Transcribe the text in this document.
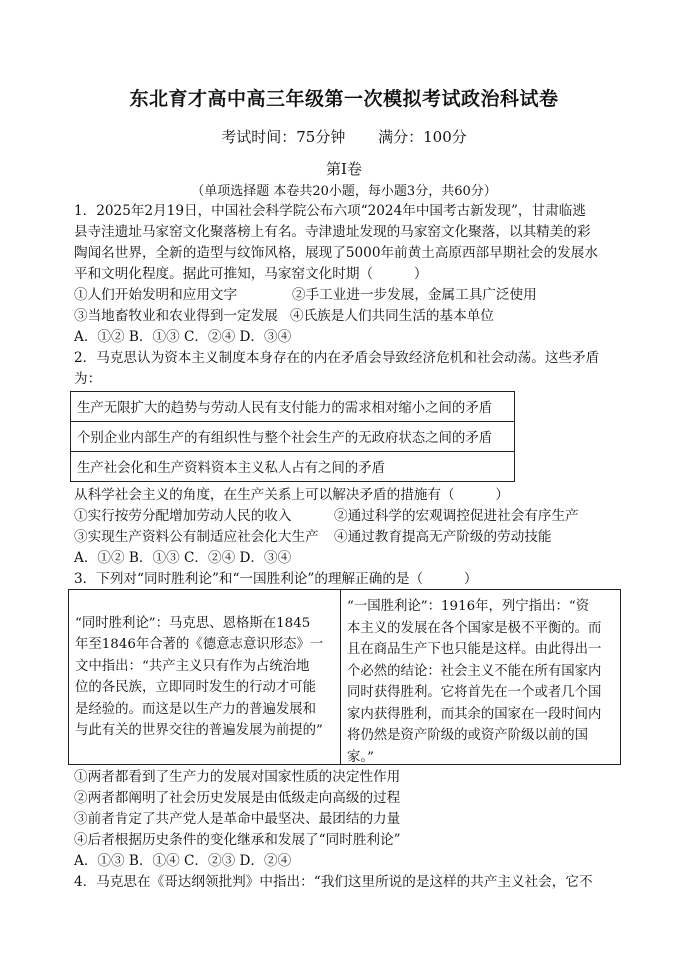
东北育才高中高三年级第一次模拟考试政治科试卷
考试时间：75分钟 满分：100分
第Ⅰ卷
（单项选择题 本卷共20小题，每小题3分，共60分）
1．2025年2月19日，中国社会科学院公布六项“2024年中国考古新发现”，甘肃临逃
县寺洼遗址马家窑文化聚落榜上有名。寺津遗址发现的马家窑文化聚落，以其精美的彩
陶闻名世界，全新的造型与纹饰风格，展现了5000年前黄土高原西部早期社会的发展水
平和文明化程度。据此可推知，马家窑文化时期（　　　）
①人们开始发明和应用文字	②手工业进一步发展，金属工具广泛使用
③当地畜牧业和农业得到一定发展 ④氏族是人们共同生活的基本单位
A．①② B．①③ C．②④ D．③④
2．马克思认为资本主义制度本身存在的内在矛盾会导致经济危机和社会动荡。这些矛盾
为：
生产无限扩大的趋势与劳动人民有支付能力的需求相对缩小之间的矛盾
个别企业内部生产的有组织性与整个社会生产的无政府状态之间的矛盾
生产社会化和生产资料资本主义私人占有之间的矛盾
从科学社会主义的角度，在生产关系上可以解决矛盾的措施有（　　　）
①实行按劳分配增加劳动人民的收入	②通过科学的宏观调控促进社会有序生产
③实现生产资料公有制适应社会化大生产 ④通过教育提高无产阶级的劳动技能
A．①② B．①③ C．②④ D．③④
3．下列对“同时胜利论”和“一国胜利论”的理解正确的是（　　　）
“同时胜利论”：马克思、恩格斯在1845
年至1846年合著的《德意志意识形态》一
文中指出：“共产主义只有作为占统治地
位的各民族，立即同时发生的行动才可能
是经验的。而这是以生产力的普遍发展和
与此有关的世界交往的普遍发展为前提的”
“一国胜利论”：1916年，列宁指出：“资
本主义的发展在各个国家是极不平衡的。而
且在商品生产下也只能是这样。由此得出一
个必然的结论：社会主义不能在所有国家内
同时获得胜利。它将首先在一个或者几个国
家内获得胜利，而其余的国家在一段时间内
将仍然是资产阶级的或资产阶级以前的国
家。”
①两者都看到了生产力的发展对国家性质的决定性作用
②两者都阐明了社会历史发展是由低级走向高级的过程
③前者肯定了共产党人是革命中最坚决、最团结的力量
④后者根据历史条件的变化继承和发展了“同时胜利论”
A．①③ B．①④ C．②③ D．②④
4．马克思在《哥达纲领批判》中指出：“我们这里所说的是这样的共产主义社会，它不
